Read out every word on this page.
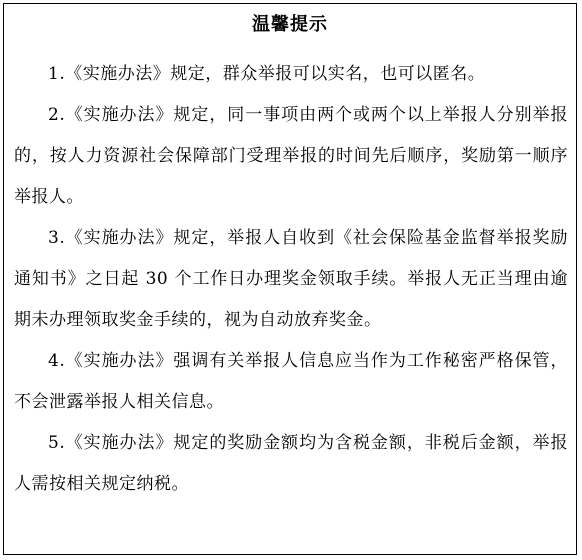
温馨提示

1.《实施办法》规定，群众举报可以实名，也可以匿名。

2.《实施办法》规定，同一事项由两个或两个以上举报人分别举报的，按人力资源社会保障部门受理举报的时间先后顺序，奖励第一顺序举报人。

3.《实施办法》规定，举报人自收到《社会保险基金监督举报奖励通知书》之日起 30 个工作日办理奖金领取手续。举报人无正当理由逾期未办理领取奖金手续的，视为自动放弃奖金。

4.《实施办法》强调有关举报人信息应当作为工作秘密严格保管，不会泄露举报人相关信息。

5.《实施办法》规定的奖励金额均为含税金额，非税后金额，举报人需按相关规定纳税。
